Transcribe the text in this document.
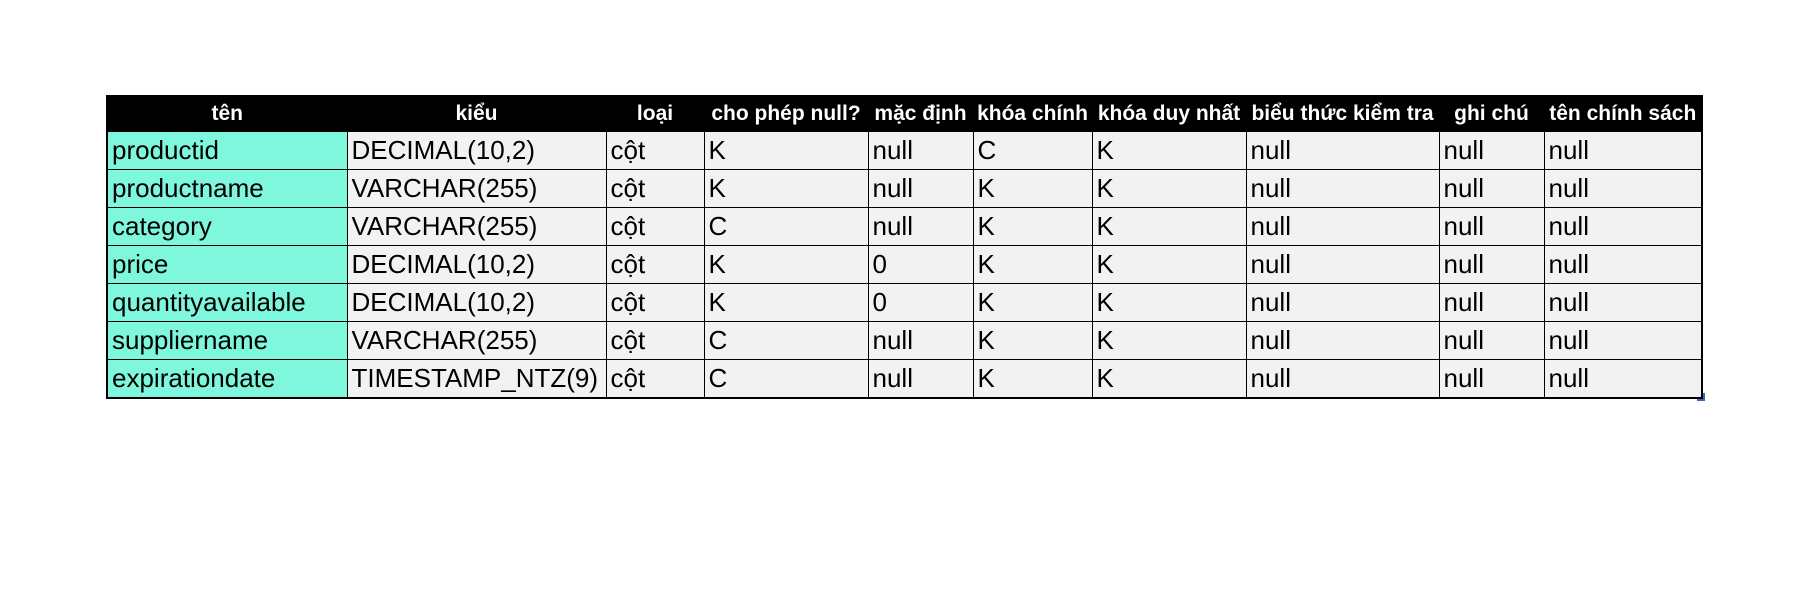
tên	kiểu	loại	cho phép null?	mặc định	khóa chính	khóa duy nhất	biểu thức kiểm tra	ghi chú	tên chính sách
productid	DECIMAL(10,2)	cột	K	null	C	K	null	null	null
productname	VARCHAR(255)	cột	K	null	K	K	null	null	null
category	VARCHAR(255)	cột	C	null	K	K	null	null	null
price	DECIMAL(10,2)	cột	K	0	K	K	null	null	null
quantityavailable	DECIMAL(10,2)	cột	K	0	K	K	null	null	null
suppliername	VARCHAR(255)	cột	C	null	K	K	null	null	null
expirationdate	TIMESTAMP_NTZ(9)	cột	C	null	K	K	null	null	null
